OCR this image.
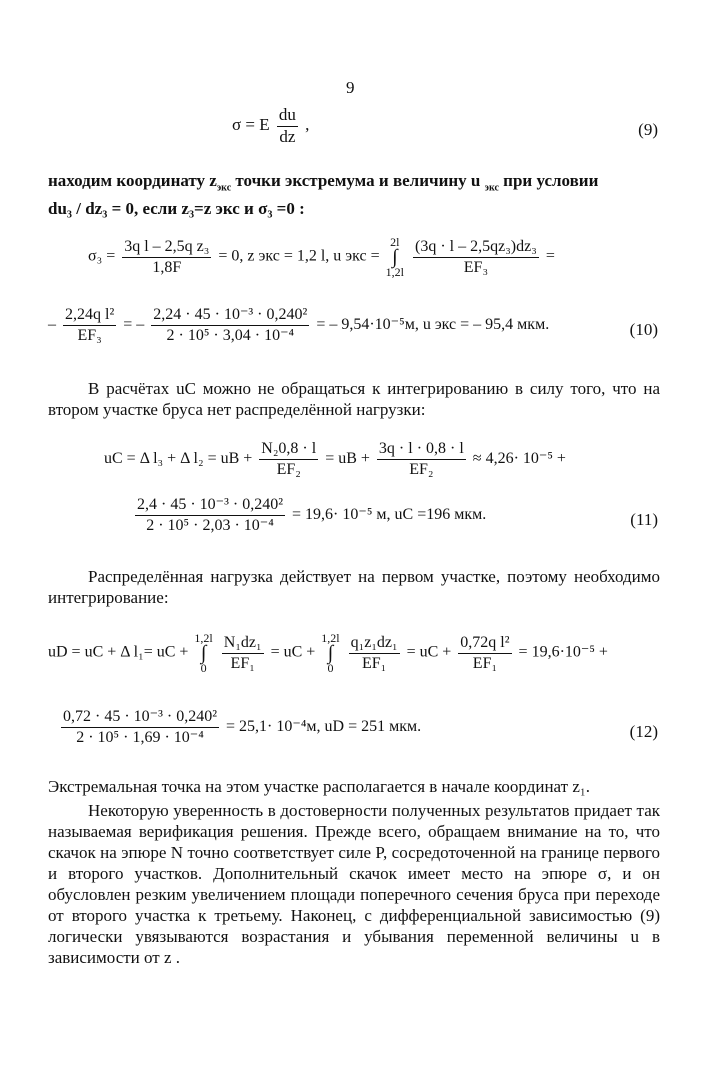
9
σ = E $\frac{du}{dz}$ ,	(9)
находим координату $z_{экс}$ точки экстремума и величину u $_{экс}$ при условии
du₃ / dz₃ = 0, если z₃=z экс и σ₃ =0 :
$\sigma_3 = \frac{\text{3q l – 2,5q z₃}}{1,8F} = 0$, z экс = 1,2 l, u экс =
2l
∫
1,2l
$\frac{\text{(3q · l – 2,5qz₃)dz₃}}{\text{EF₃}}$ =
– $\frac{\text{2,24q l²}}{\text{EF₃}}$ = – $\frac{\text{2,24 · 45 · 10⁻³ · 0,240²}}{\text{2 · 10⁵ · 3,04 · 10⁻⁴}}$ = – 9,54·10⁻⁵м, u экс = – 95,4 мкм.	(10)
В расчётах uC можно не обращаться к интегрированию в силу того, что на втором участке бруса нет распределённой нагрузки:
uC = Δ l₃ + Δ l₂ = uB + $\frac{\text{N₂0,8 · l}}{\text{EF₂}}$ = uB + $\frac{3q \cdot l \cdot 0,8 \cdot l}{\text{EF₂}} \approx 4,26\cdot 10^{-5}$ +
$\frac{\text{2,4 · 45 · 10⁻³ · 0,240²}}{\text{2 · 10⁵ · 2,03 · 10⁻⁴}} = 19,6\cdot 10^{-5}$ м, uC =196 мкм.	(11)
Распределённая нагрузка действует на первом участке, поэтому необходимо интегрирование:
uD = uC + Δ l₁= uC +
1,2l
∫
0
$\frac{\text{N₁dz₁}}{\text{EF₁}}$ = uC +
1,2l
∫
0
$\frac{\text{q₁z₁dz₁}}{\text{EF₁}}$ = uC + $\frac{\text{0,72q l²}}{\text{EF₁}} = 19,6\cdot 10^{-5}$ +
$\frac{\text{0,72 · 45 · 10⁻³ · 0,240²}}{\text{2 · 10⁵ · 1,69 · 10⁻⁴}} = 25,1\cdot 10^{-4}м$, uD = 251 мкм.	(12)
Экстремальная точка на этом участке располагается в начале координат z₁.
Некоторую уверенность в достоверности полученных результатов придает так называемая верификация решения. Прежде всего, обращаем внимание на то, что скачок на эпюре N точно соответствует силе P, сосредоточенной на границе первого и второго участков. Дополнительный скачок имеет место на эпюре σ, и он обусловлен резким увеличением площади поперечного сечения бруса при переходе от второго участка к третьему. Наконец, с дифференциальной зависимостью (9) логически увязываются возрастания и убывания переменной величины u в зависимости от z .
